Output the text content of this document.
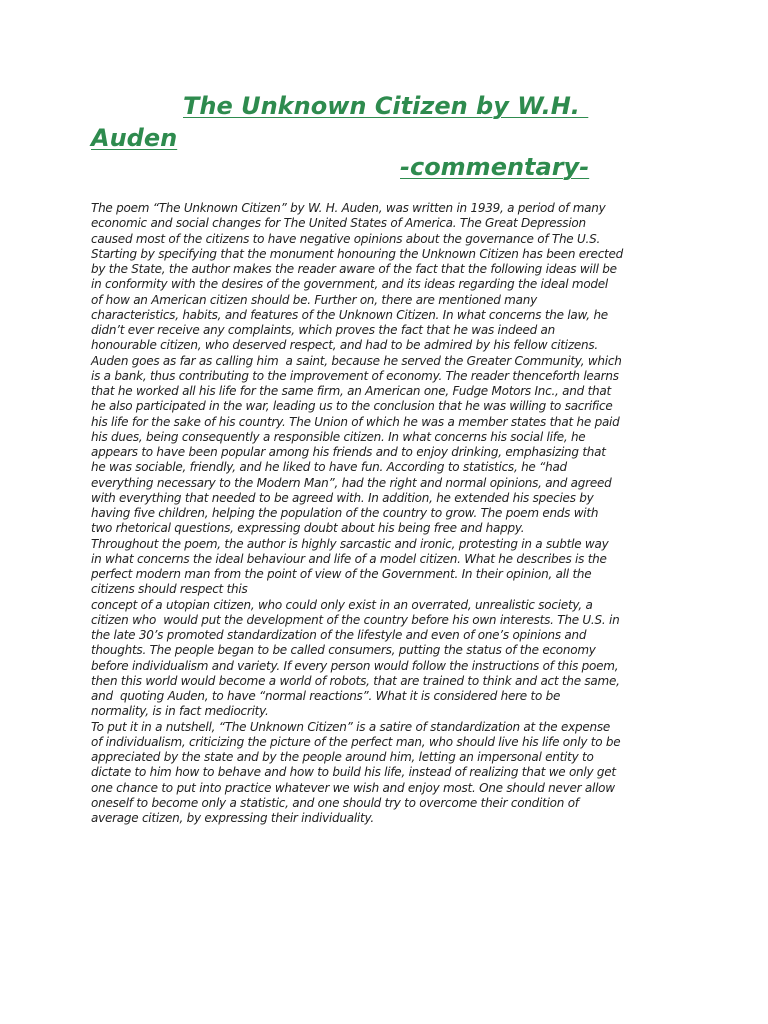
The Unknown Citizen by W.H.
Auden
-commentary-
The poem “The Unknown Citizen” by W. H. Auden, was written in 1939, a period of many
economic and social changes for The United States of America. The Great Depression
caused most of the citizens to have negative opinions about the governance of The U.S.
Starting by specifying that the monument honouring the Unknown Citizen has been erected
by the State, the author makes the reader aware of the fact that the following ideas will be
in conformity with the desires of the government, and its ideas regarding the ideal model
of how an American citizen should be. Further on, there are mentioned many
characteristics, habits, and features of the Unknown Citizen. In what concerns the law, he
didn’t ever receive any complaints, which proves the fact that he was indeed an
honourable citizen, who deserved respect, and had to be admired by his fellow citizens.
Auden goes as far as calling him  a saint, because he served the Greater Community, which
is a bank, thus contributing to the improvement of economy. The reader thenceforth learns
that he worked all his life for the same firm, an American one, Fudge Motors Inc., and that
he also participated in the war, leading us to the conclusion that he was willing to sacrifice
his life for the sake of his country. The Union of which he was a member states that he paid
his dues, being consequently a responsible citizen. In what concerns his social life, he
appears to have been popular among his friends and to enjoy drinking, emphasizing that
he was sociable, friendly, and he liked to have fun. According to statistics, he “had
everything necessary to the Modern Man”, had the right and normal opinions, and agreed
with everything that needed to be agreed with. In addition, he extended his species by
having five children, helping the population of the country to grow. The poem ends with
two rhetorical questions, expressing doubt about his being free and happy.
Throughout the poem, the author is highly sarcastic and ironic, protesting in a subtle way
in what concerns the ideal behaviour and life of a model citizen. What he describes is the
perfect modern man from the point of view of the Government. In their opinion, all the
citizens should respect this
concept of a utopian citizen, who could only exist in an overrated, unrealistic society, a
citizen who  would put the development of the country before his own interests. The U.S. in
the late 30’s promoted standardization of the lifestyle and even of one’s opinions and
thoughts. The people began to be called consumers, putting the status of the economy
before individualism and variety. If every person would follow the instructions of this poem,
then this world would become a world of robots, that are trained to think and act the same,
and  quoting Auden, to have “normal reactions”. What it is considered here to be
normality, is in fact mediocrity.
To put it in a nutshell, “The Unknown Citizen” is a satire of standardization at the expense
of individualism, criticizing the picture of the perfect man, who should live his life only to be
appreciated by the state and by the people around him, letting an impersonal entity to
dictate to him how to behave and how to build his life, instead of realizing that we only get
one chance to put into practice whatever we wish and enjoy most. One should never allow
oneself to become only a statistic, and one should try to overcome their condition of
average citizen, by expressing their individuality.
